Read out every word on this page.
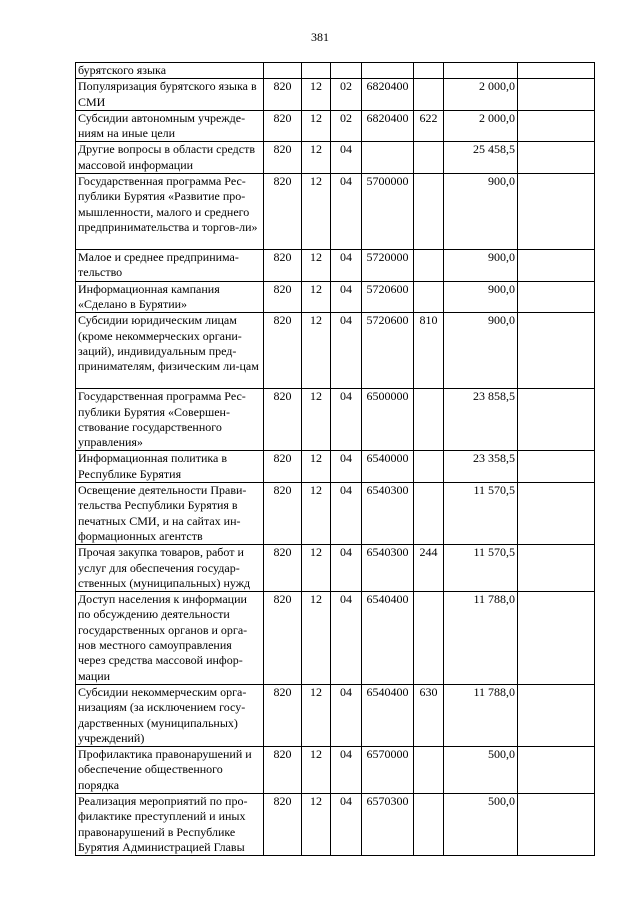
381
бурятского языка							
Популяризация бурятского языка в СМИ	820	12	02	6820400		2 000,0	
Субсидии автономным учрежде-ниям на иные цели	820	12	02	6820400	622	2 000,0	
Другие вопросы в области средств массовой информации	820	12	04			25 458,5	
Государственная программа Рес-публики Бурятия «Развитие про-мышленности, малого и среднего предпринимательства и торгов-ли»	820	12	04	5700000		900,0	
Малое и среднее предпринима-тельство	820	12	04	5720000		900,0	
Информационная кампания «Сделано в Бурятии»	820	12	04	5720600		900,0	
Субсидии юридическим лицам (кроме некоммерческих органи-заций), индивидуальным пред-принимателям, физическим ли-цам	820	12	04	5720600	810	900,0	
Государственная программа Рес-публики Бурятия «Совершен-ствование государственного управления»	820	12	04	6500000		23 858,5	
Информационная политика в Республике Бурятия	820	12	04	6540000		23 358,5	
Освещение деятельности Прави-тельства Республики Бурятия в печатных СМИ, и на сайтах ин-формационных агентств	820	12	04	6540300		11 570,5	
Прочая закупка товаров, работ и услуг для обеспечения государ-ственных (муниципальных) нужд	820	12	04	6540300	244	11 570,5	
Доступ населения к информации по обсуждению деятельности государственных органов и орга-нов местного самоуправления через средства массовой инфор-мации	820	12	04	6540400		11 788,0	
Субсидии некоммерческим орга-низациям (за исключением госу-дарственных (муниципальных) учреждений)	820	12	04	6540400	630	11 788,0	
Профилактика правонарушений и обеспечение общественного порядка	820	12	04	6570000		500,0	
Реализация мероприятий по про-филактике преступлений и иных правонарушений в Республике Бурятия Администрацией Главы	820	12	04	6570300		500,0	
